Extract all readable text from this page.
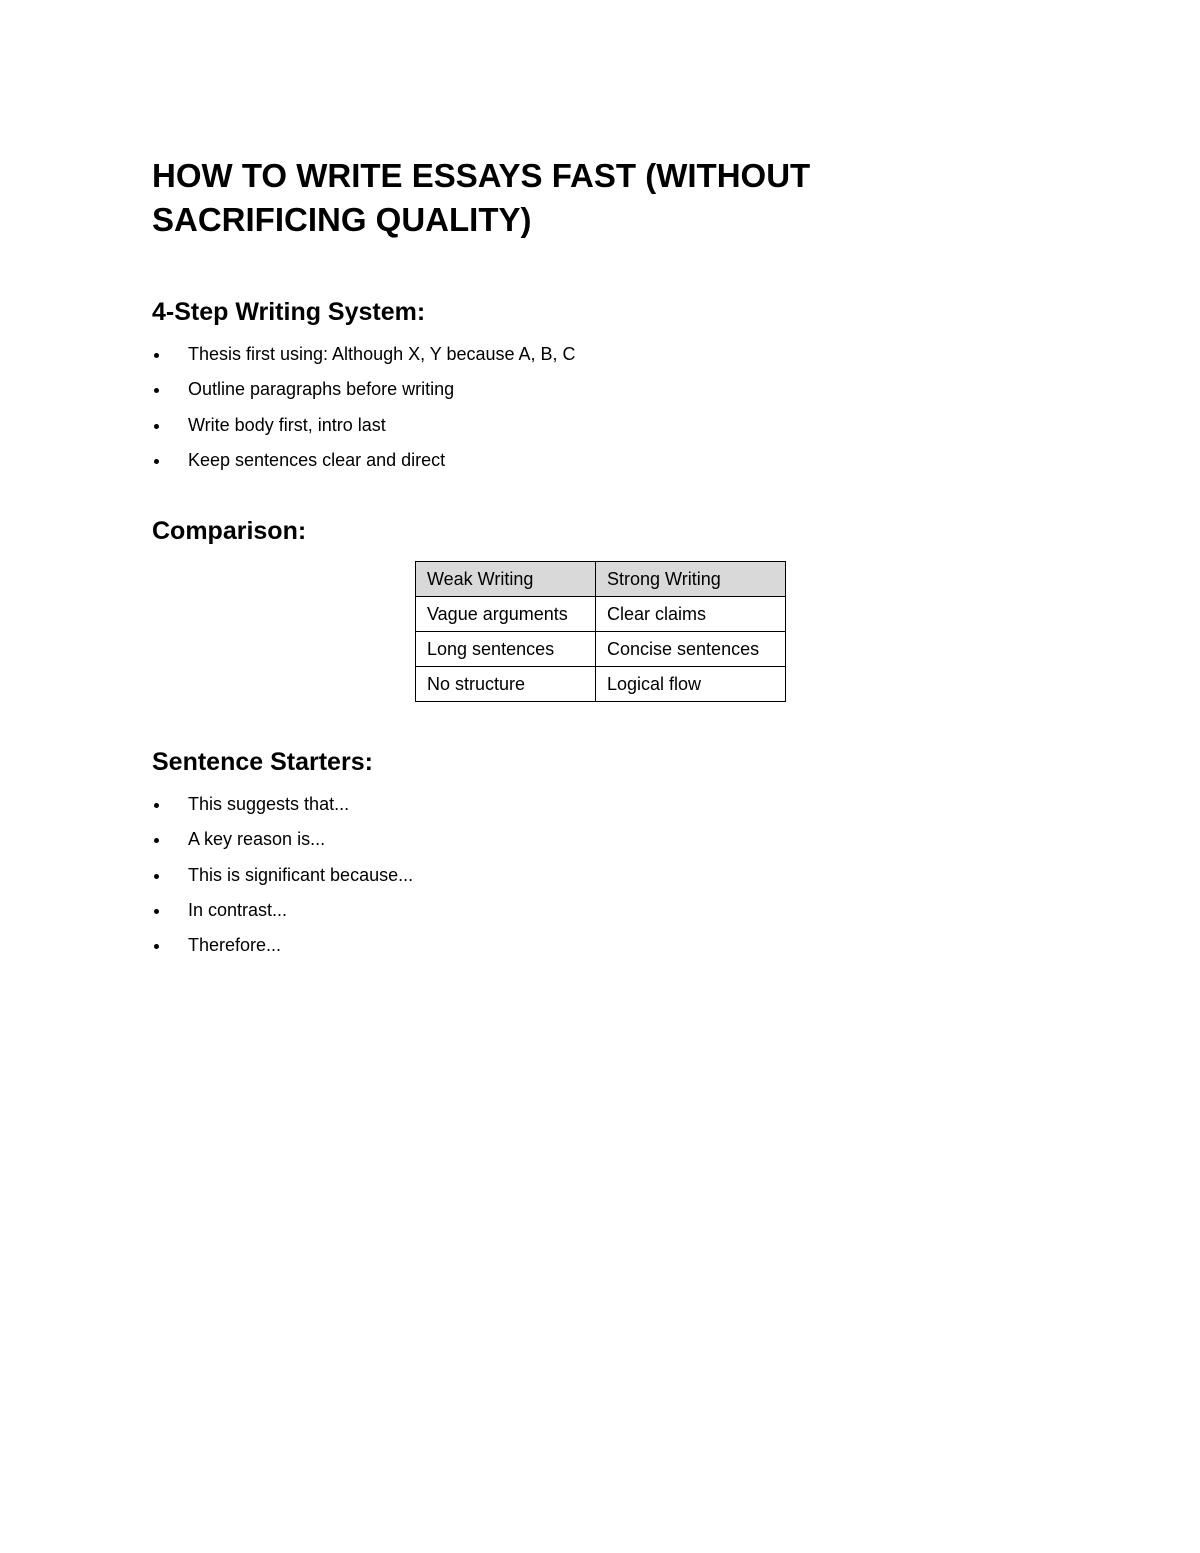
HOW TO WRITE ESSAYS FAST (WITHOUT
SACRIFICING QUALITY)
4-Step Writing System:
Thesis first using: Although X, Y because A, B, C
Outline paragraphs before writing
Write body first, intro last
Keep sentences clear and direct
Comparison:
Weak Writing	Strong Writing
Vague arguments	Clear claims
Long sentences	Concise sentences
No structure	Logical flow
Sentence Starters:
This suggests that...
A key reason is...
This is significant because...
In contrast...
Therefore...
